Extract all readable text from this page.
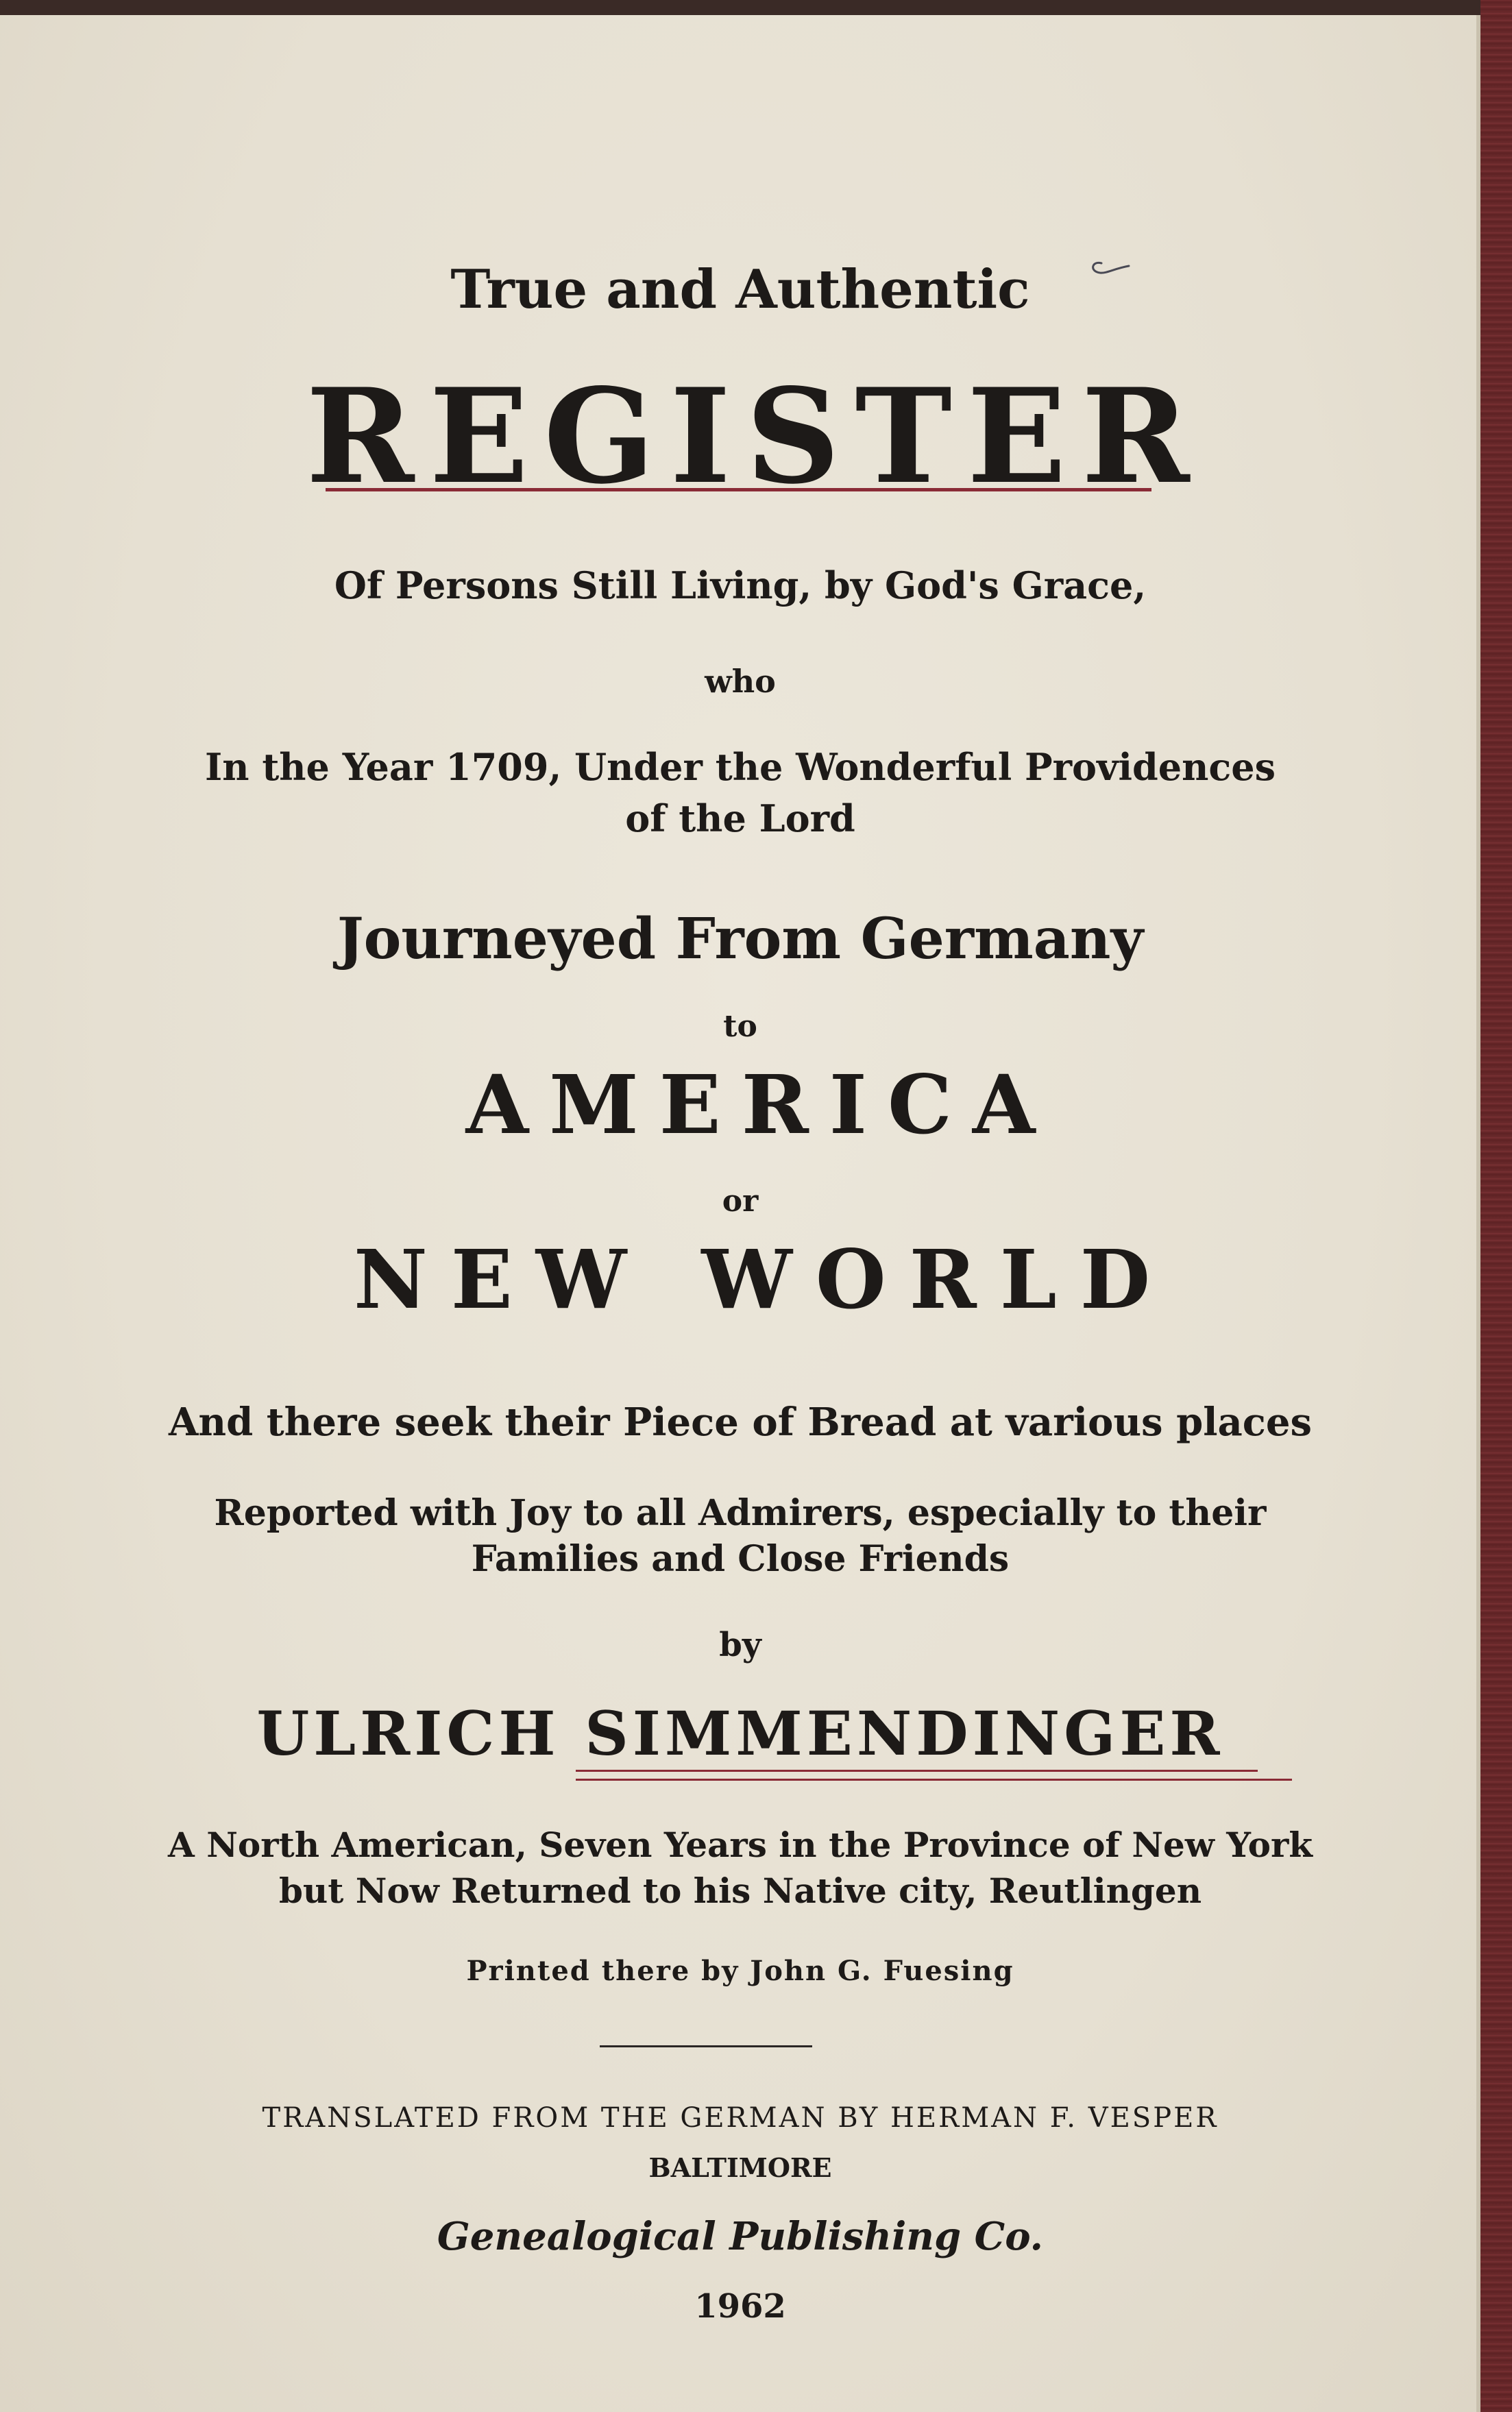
True and Authentic
REGISTER
Of Persons Still Living, by God's Grace,
who
In the Year 1709, Under the Wonderful Providences
of the Lord
Journeyed From Germany
to
AMERICA
or
NEW WORLD
And there seek their Piece of Bread at various places
Reported with Joy to all Admirers, especially to their
Families and Close Friends
by
ULRICH SIMMENDINGER
A North American, Seven Years in the Province of New York
but Now Returned to his Native city, Reutlingen
Printed there by John G. Fuesing
TRANSLATED FROM THE GERMAN BY HERMAN F. VESPER
BALTIMORE
Genealogical Publishing Co.
1962
